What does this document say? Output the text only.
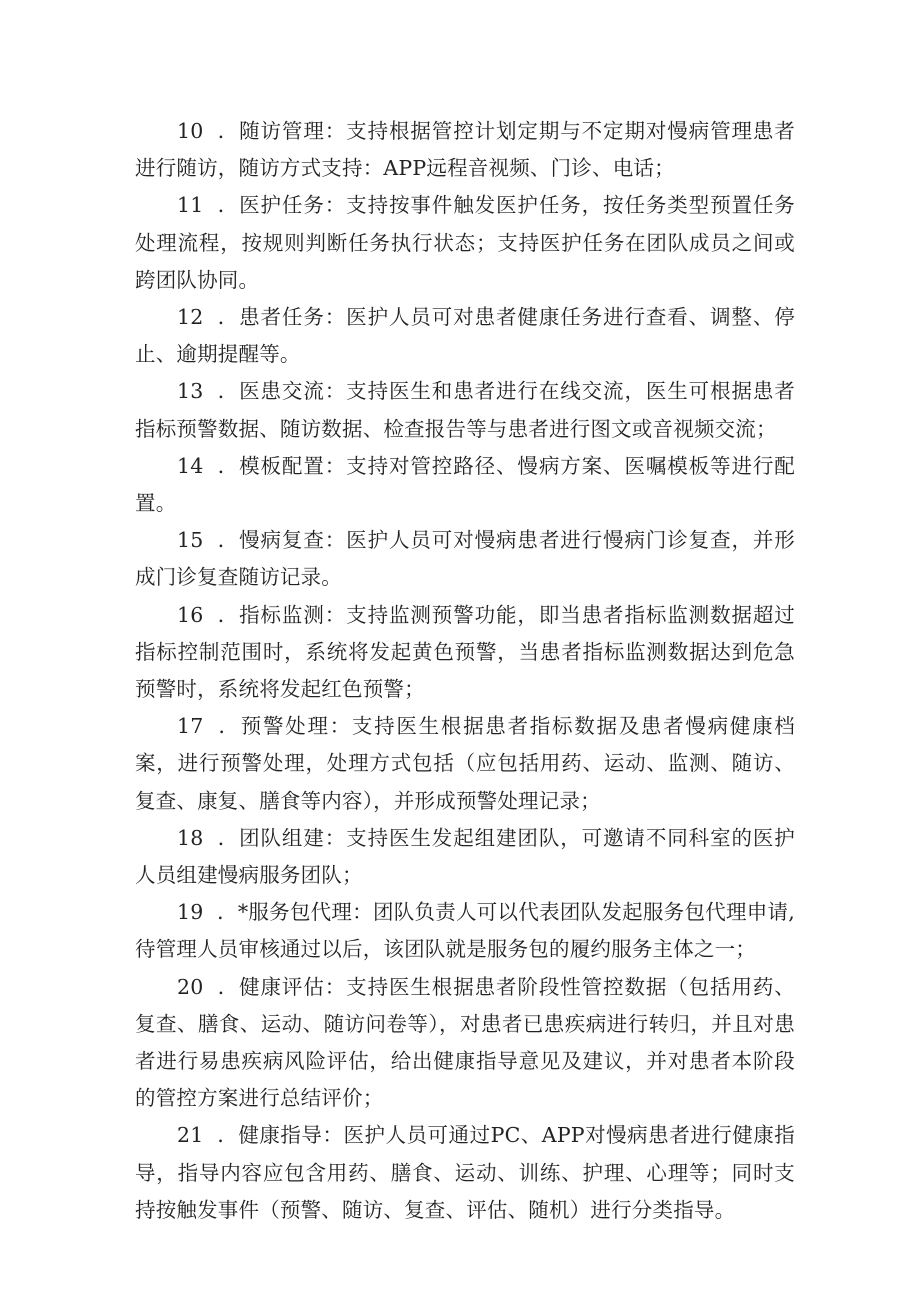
10 ．随访管理：支持根据管控计划定期与不定期对慢病管理患者进行随访，随访方式支持：APP远程音视频、门诊、电话；

11 ．医护任务：支持按事件触发医护任务，按任务类型预置任务处理流程，按规则判断任务执行状态；支持医护任务在团队成员之间或跨团队协同。

12 ．患者任务：医护人员可对患者健康任务进行查看、调整、停止、逾期提醒等。

13 ．医患交流：支持医生和患者进行在线交流，医生可根据患者指标预警数据、随访数据、检查报告等与患者进行图文或音视频交流；

14 ．模板配置：支持对管控路径、慢病方案、医嘱模板等进行配置。

15 ．慢病复查：医护人员可对慢病患者进行慢病门诊复查，并形成门诊复查随访记录。

16 ．指标监测：支持监测预警功能，即当患者指标监测数据超过指标控制范围时，系统将发起黄色预警，当患者指标监测数据达到危急预警时，系统将发起红色预警；

17 ．预警处理：支持医生根据患者指标数据及患者慢病健康档案，进行预警处理，处理方式包括（应包括用药、运动、监测、随访、复查、康复、膳食等内容），并形成预警处理记录；

18 ．团队组建：支持医生发起组建团队，可邀请不同科室的医护人员组建慢病服务团队；

19 ．*服务包代理：团队负责人可以代表团队发起服务包代理申请,待管理人员审核通过以后，该团队就是服务包的履约服务主体之一；

20 ．健康评估：支持医生根据患者阶段性管控数据（包括用药、复查、膳食、运动、随访问卷等），对患者已患疾病进行转归，并且对患者进行易患疾病风险评估，给出健康指导意见及建议，并对患者本阶段的管控方案进行总结评价；

21 ．健康指导：医护人员可通过PC、APP对慢病患者进行健康指导，指导内容应包含用药、膳食、运动、训练、护理、心理等；同时支持按触发事件（预警、随访、复查、评估、随机）进行分类指导。
